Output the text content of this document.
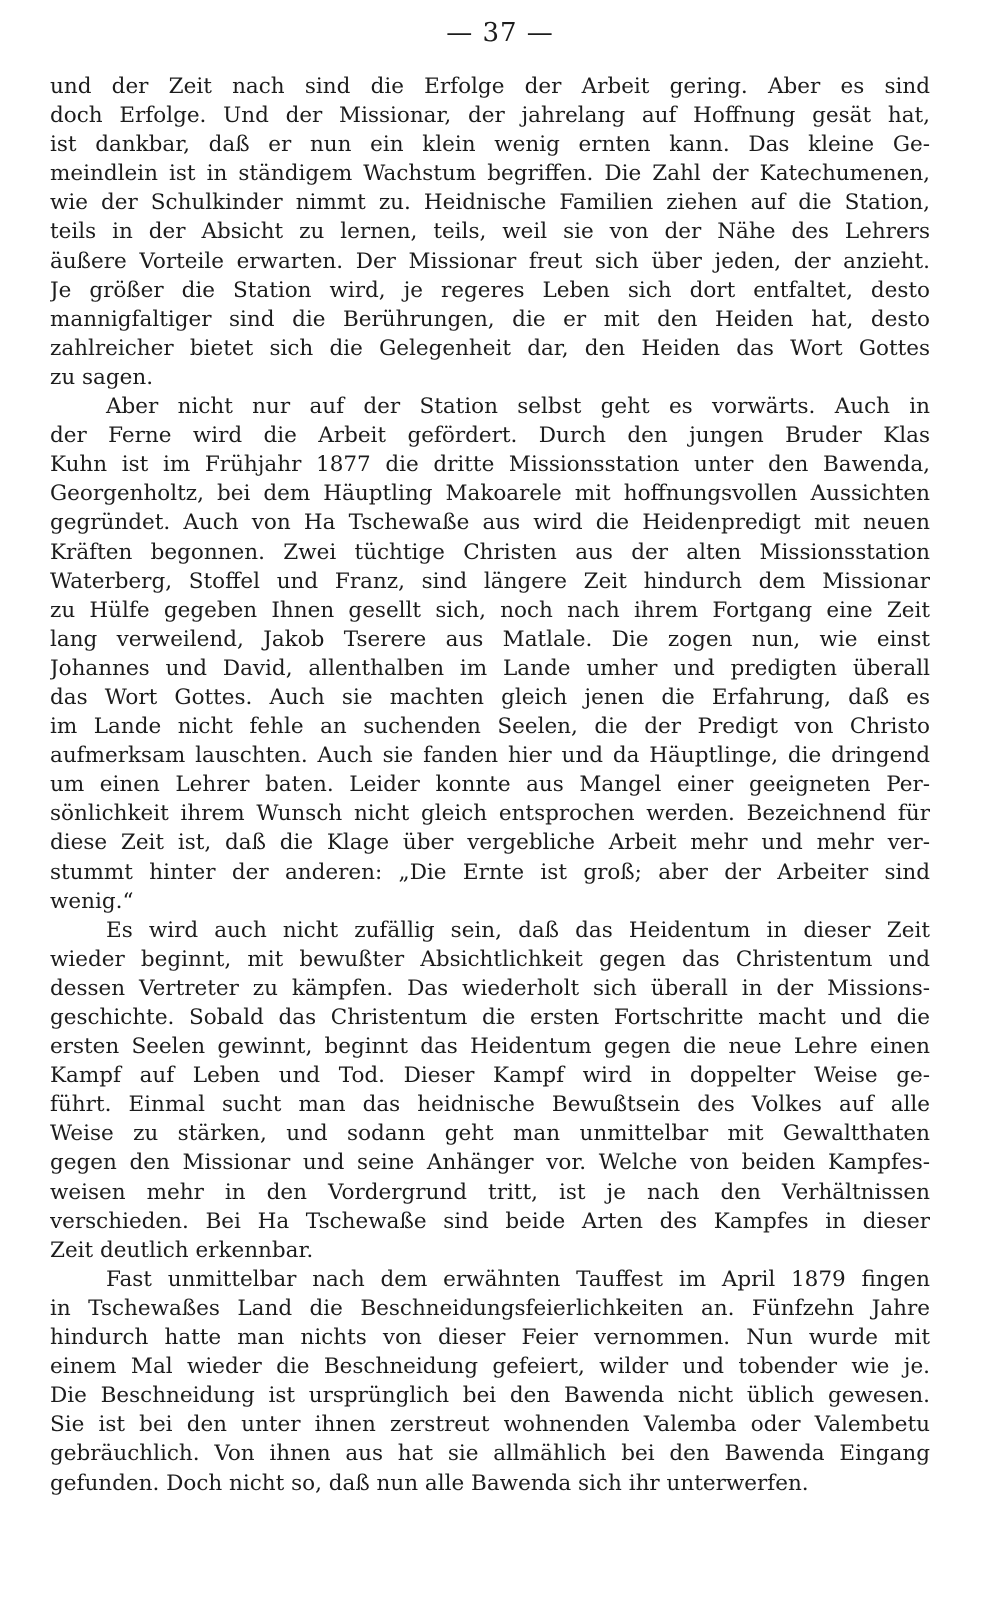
— 37 —
und der Zeit nach sind die Erfolge der Arbeit gering. Aber es sind
doch Erfolge. Und der Missionar, der jahrelang auf Hoffnung gesät hat,
ist dankbar, daß er nun ein klein wenig ernten kann. Das kleine Ge-
meindlein ist in ständigem Wachstum begriffen. Die Zahl der Katechumenen,
wie der Schulkinder nimmt zu. Heidnische Familien ziehen auf die Station,
teils in der Absicht zu lernen, teils, weil sie von der Nähe des Lehrers
äußere Vorteile erwarten. Der Missionar freut sich über jeden, der anzieht.
Je größer die Station wird, je regeres Leben sich dort entfaltet, desto
mannigfaltiger sind die Berührungen, die er mit den Heiden hat, desto
zahlreicher bietet sich die Gelegenheit dar, den Heiden das Wort Gottes
zu sagen.
Aber nicht nur auf der Station selbst geht es vorwärts. Auch in
der Ferne wird die Arbeit gefördert. Durch den jungen Bruder Klas
Kuhn ist im Frühjahr 1877 die dritte Missionsstation unter den Bawenda,
Georgenholtz, bei dem Häuptling Makoarele mit hoffnungsvollen Aussichten
gegründet. Auch von Ha Tschewaße aus wird die Heidenpredigt mit neuen
Kräften begonnen. Zwei tüchtige Christen aus der alten Missionsstation
Waterberg, Stoffel und Franz, sind längere Zeit hindurch dem Missionar
zu Hülfe gegeben Ihnen gesellt sich, noch nach ihrem Fortgang eine Zeit
lang verweilend, Jakob Tserere aus Matlale. Die zogen nun, wie einst
Johannes und David, allenthalben im Lande umher und predigten überall
das Wort Gottes. Auch sie machten gleich jenen die Erfahrung, daß es
im Lande nicht fehle an suchenden Seelen, die der Predigt von Christo
aufmerksam lauschten. Auch sie fanden hier und da Häuptlinge, die dringend
um einen Lehrer baten. Leider konnte aus Mangel einer geeigneten Per-
sönlichkeit ihrem Wunsch nicht gleich entsprochen werden. Bezeichnend für
diese Zeit ist, daß die Klage über vergebliche Arbeit mehr und mehr ver-
stummt hinter der anderen: „Die Ernte ist groß; aber der Arbeiter sind
wenig.“
Es wird auch nicht zufällig sein, daß das Heidentum in dieser Zeit
wieder beginnt, mit bewußter Absichtlichkeit gegen das Christentum und
dessen Vertreter zu kämpfen. Das wiederholt sich überall in der Missions-
geschichte. Sobald das Christentum die ersten Fortschritte macht und die
ersten Seelen gewinnt, beginnt das Heidentum gegen die neue Lehre einen
Kampf auf Leben und Tod. Dieser Kampf wird in doppelter Weise ge-
führt. Einmal sucht man das heidnische Bewußtsein des Volkes auf alle
Weise zu stärken, und sodann geht man unmittelbar mit Gewaltthaten
gegen den Missionar und seine Anhänger vor. Welche von beiden Kampfes-
weisen mehr in den Vordergrund tritt, ist je nach den Verhältnissen
verschieden. Bei Ha Tschewaße sind beide Arten des Kampfes in dieser
Zeit deutlich erkennbar.
Fast unmittelbar nach dem erwähnten Tauffest im April 1879 fingen
in Tschewaßes Land die Beschneidungsfeierlichkeiten an. Fünfzehn Jahre
hindurch hatte man nichts von dieser Feier vernommen. Nun wurde mit
einem Mal wieder die Beschneidung gefeiert, wilder und tobender wie je.
Die Beschneidung ist ursprünglich bei den Bawenda nicht üblich gewesen.
Sie ist bei den unter ihnen zerstreut wohnenden Valemba oder Valembetu
gebräuchlich. Von ihnen aus hat sie allmählich bei den Bawenda Eingang
gefunden. Doch nicht so, daß nun alle Bawenda sich ihr unterwerfen.
